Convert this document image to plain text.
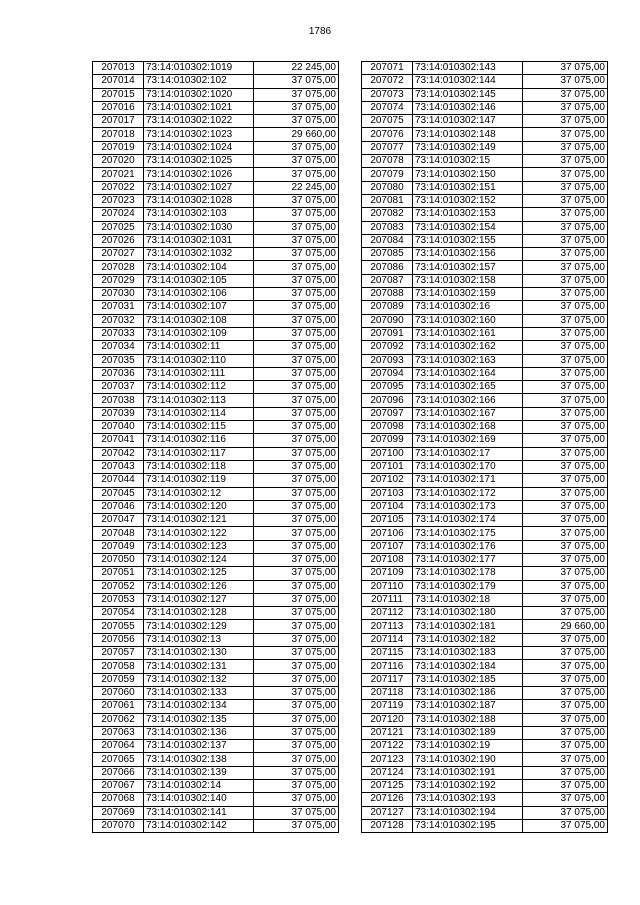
1786
207013	73:14:010302:1019	22 245,00
207014	73:14:010302:102	37 075,00
207015	73:14:010302:1020	37 075,00
207016	73:14:010302:1021	37 075,00
207017	73:14:010302:1022	37 075,00
207018	73:14:010302:1023	29 660,00
207019	73:14:010302:1024	37 075,00
207020	73:14:010302:1025	37 075,00
207021	73:14:010302:1026	37 075,00
207022	73:14:010302:1027	22 245,00
207023	73:14:010302:1028	37 075,00
207024	73:14:010302:103	37 075,00
207025	73:14:010302:1030	37 075,00
207026	73:14:010302:1031	37 075,00
207027	73:14:010302:1032	37 075,00
207028	73:14:010302:104	37 075,00
207029	73:14:010302:105	37 075,00
207030	73:14:010302:106	37 075,00
207031	73:14:010302:107	37 075,00
207032	73:14:010302:108	37 075,00
207033	73:14:010302:109	37 075,00
207034	73:14:010302:11	37 075,00
207035	73:14:010302:110	37 075,00
207036	73:14:010302:111	37 075,00
207037	73:14:010302:112	37 075,00
207038	73:14:010302:113	37 075,00
207039	73:14:010302:114	37 075,00
207040	73:14:010302:115	37 075,00
207041	73:14:010302:116	37 075,00
207042	73:14:010302:117	37 075,00
207043	73:14:010302:118	37 075,00
207044	73:14:010302:119	37 075,00
207045	73:14:010302:12	37 075,00
207046	73:14:010302:120	37 075,00
207047	73:14:010302:121	37 075,00
207048	73:14:010302:122	37 075,00
207049	73:14:010302:123	37 075,00
207050	73:14:010302:124	37 075,00
207051	73:14:010302:125	37 075,00
207052	73:14:010302:126	37 075,00
207053	73:14:010302:127	37 075,00
207054	73:14:010302:128	37 075,00
207055	73:14:010302:129	37 075,00
207056	73:14:010302:13	37 075,00
207057	73:14:010302:130	37 075,00
207058	73:14:010302:131	37 075,00
207059	73:14:010302:132	37 075,00
207060	73:14:010302:133	37 075,00
207061	73:14:010302:134	37 075,00
207062	73:14:010302:135	37 075,00
207063	73:14:010302:136	37 075,00
207064	73:14:010302:137	37 075,00
207065	73:14:010302:138	37 075,00
207066	73:14:010302:139	37 075,00
207067	73:14:010302:14	37 075,00
207068	73:14:010302:140	37 075,00
207069	73:14:010302:141	37 075,00
207070	73:14:010302:142	37 075,00
207071	73:14:010302:143	37 075,00
207072	73:14:010302:144	37 075,00
207073	73:14:010302:145	37 075,00
207074	73:14:010302:146	37 075,00
207075	73:14:010302:147	37 075,00
207076	73:14:010302:148	37 075,00
207077	73:14:010302:149	37 075,00
207078	73:14:010302:15	37 075,00
207079	73:14:010302:150	37 075,00
207080	73:14:010302:151	37 075,00
207081	73:14:010302:152	37 075,00
207082	73:14:010302:153	37 075,00
207083	73:14:010302:154	37 075,00
207084	73:14:010302:155	37 075,00
207085	73:14:010302:156	37 075,00
207086	73:14:010302:157	37 075,00
207087	73:14:010302:158	37 075,00
207088	73:14:010302:159	37 075,00
207089	73:14:010302:16	37 075,00
207090	73:14:010302:160	37 075,00
207091	73:14:010302:161	37 075,00
207092	73:14:010302:162	37 075,00
207093	73:14:010302:163	37 075,00
207094	73:14:010302:164	37 075,00
207095	73:14:010302:165	37 075,00
207096	73:14:010302:166	37 075,00
207097	73:14:010302:167	37 075,00
207098	73:14:010302:168	37 075,00
207099	73:14:010302:169	37 075,00
207100	73:14:010302:17	37 075,00
207101	73:14:010302:170	37 075,00
207102	73:14:010302:171	37 075,00
207103	73:14:010302:172	37 075,00
207104	73:14:010302:173	37 075,00
207105	73:14:010302:174	37 075,00
207106	73:14:010302:175	37 075,00
207107	73:14:010302:176	37 075,00
207108	73:14:010302:177	37 075,00
207109	73:14:010302:178	37 075,00
207110	73:14:010302:179	37 075,00
207111	73:14:010302:18	37 075,00
207112	73:14:010302:180	37 075,00
207113	73:14:010302:181	29 660,00
207114	73:14:010302:182	37 075,00
207115	73:14:010302:183	37 075,00
207116	73:14:010302:184	37 075,00
207117	73:14:010302:185	37 075,00
207118	73:14:010302:186	37 075,00
207119	73:14:010302:187	37 075,00
207120	73:14:010302:188	37 075,00
207121	73:14:010302:189	37 075,00
207122	73:14:010302:19	37 075,00
207123	73:14:010302:190	37 075,00
207124	73:14:010302:191	37 075,00
207125	73:14:010302:192	37 075,00
207126	73:14:010302:193	37 075,00
207127	73:14:010302:194	37 075,00
207128	73:14:010302:195	37 075,00
